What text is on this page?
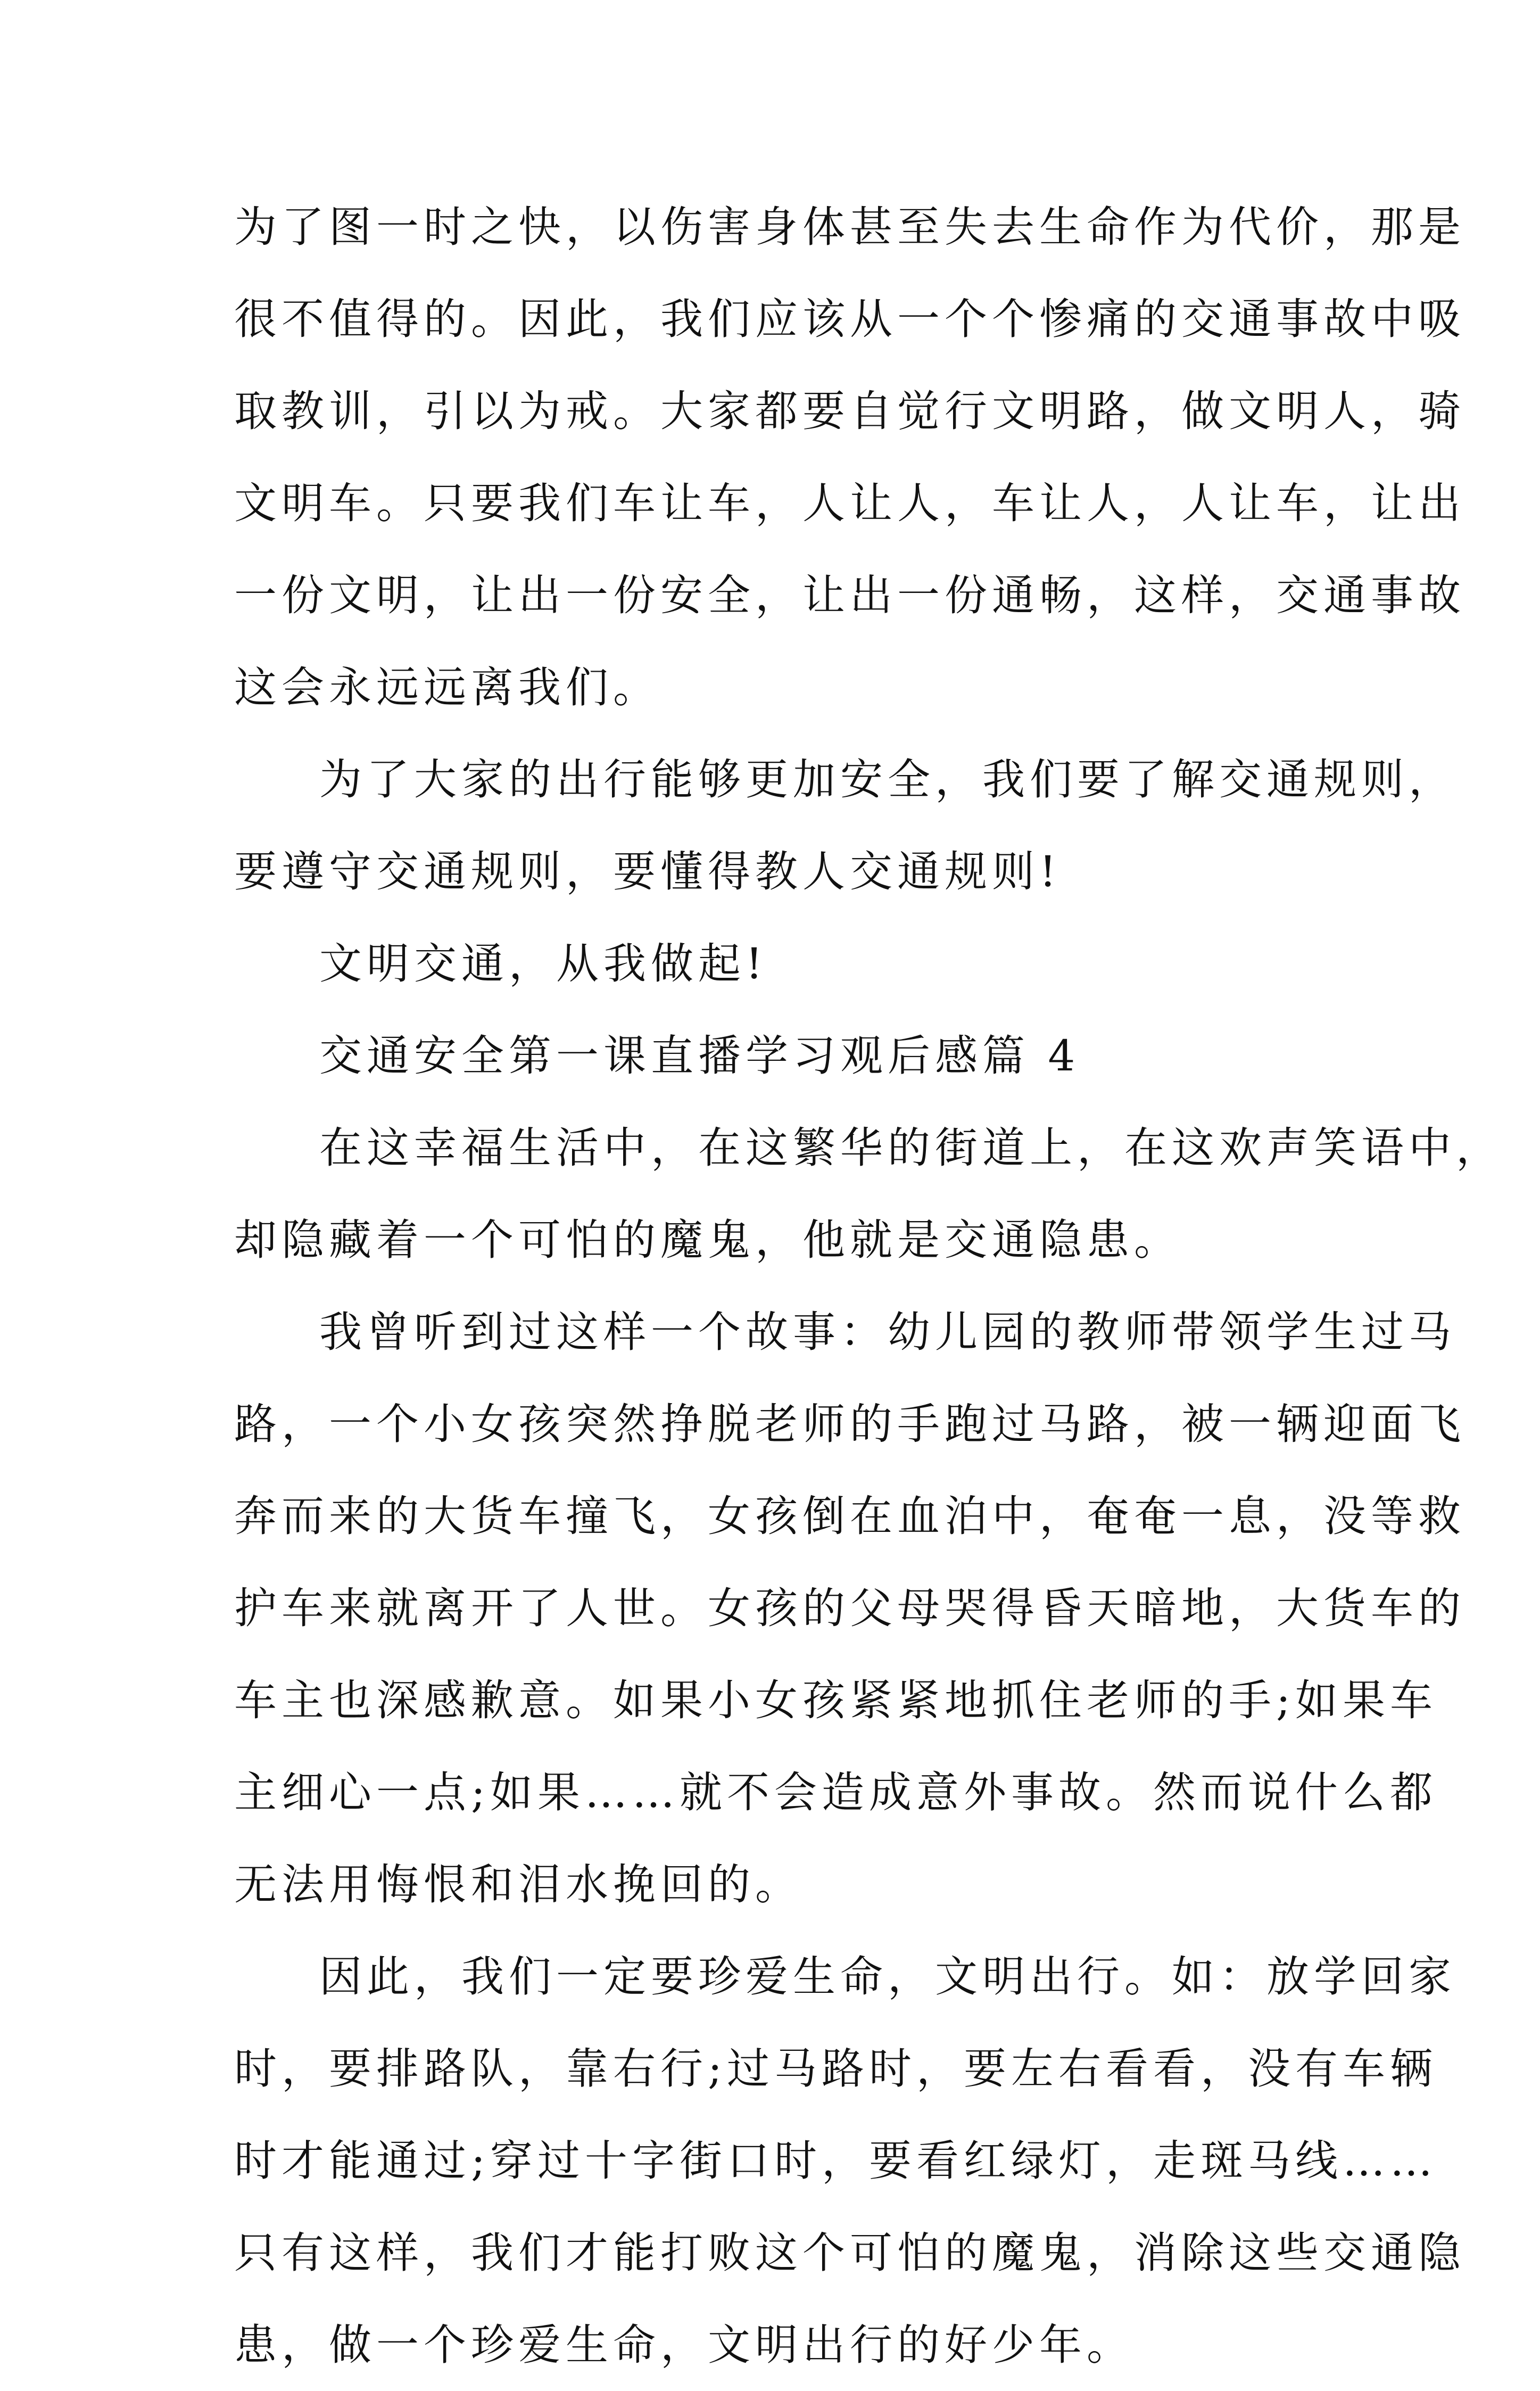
为了图一时之快，以伤害身体甚至失去生命作为代价，那是
很不值得的。因此，我们应该从一个个惨痛的交通事故中吸
取教训，引以为戒。大家都要自觉行文明路，做文明人，骑
文明车。只要我们车让车，人让人，车让人，人让车，让出
一份文明，让出一份安全，让出一份通畅，这样，交通事故
这会永远远离我们。
为了大家的出行能够更加安全，我们要了解交通规则，
要遵守交通规则，要懂得教人交通规则!
文明交通，从我做起!
交通安全第一课直播学习观后感篇 4
在这幸福生活中，在这繁华的街道上，在这欢声笑语中，
却隐藏着一个可怕的魔鬼，他就是交通隐患。
我曾听到过这样一个故事：幼儿园的教师带领学生过马
路，一个小女孩突然挣脱老师的手跑过马路，被一辆迎面飞
奔而来的大货车撞飞，女孩倒在血泊中，奄奄一息，没等救
护车来就离开了人世。女孩的父母哭得昏天暗地，大货车的
车主也深感歉意。如果小女孩紧紧地抓住老师的手;如果车
主细心一点;如果……就不会造成意外事故。然而说什么都
无法用悔恨和泪水挽回的。
因此，我们一定要珍爱生命，文明出行。如：放学回家
时，要排路队，靠右行;过马路时，要左右看看，没有车辆
时才能通过;穿过十字街口时，要看红绿灯，走斑马线……
只有这样，我们才能打败这个可怕的魔鬼，消除这些交通隐
患，做一个珍爱生命，文明出行的好少年。
